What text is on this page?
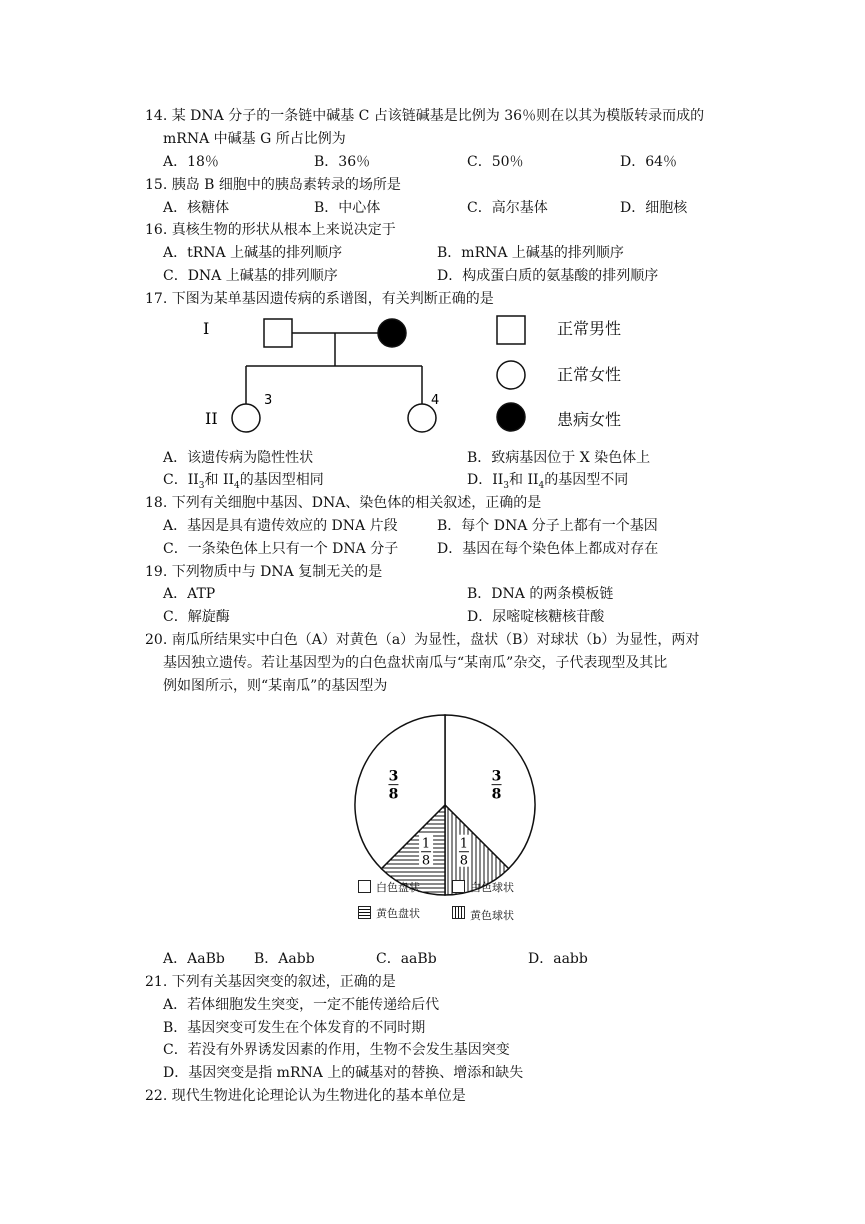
14. 某 DNA 分子的一条链中碱基 C 占该链碱基是比例为 36％则在以其为模版转录而成的
mRNA 中碱基 G 所占比例为
A．18％	B．36％	C．50％	D．64％
15. 胰岛 B 细胞中的胰岛素转录的场所是
A．核糖体	B．中心体	C．高尔基体	D．细胞核
16. 真核生物的形状从根本上来说决定于
A．tRNA 上碱基的排列顺序	B．mRNA 上碱基的排列顺序
C．DNA 上碱基的排列顺序	D．构成蛋白质的氨基酸的排列顺序
17. 下图为某单基因遗传病的系谱图，有关判断正确的是
I
II
3	4
正常男性
正常女性
患病女性
A．该遗传病为隐性性状	B．致病基因位于 X 染色体上
C．$II_3$和 $II_4$的基因型相同	D．$II_3$和 $II_4$的基因型不同
18. 下列有关细胞中基因、DNA、染色体的相关叙述，正确的是
A．基因是具有遗传效应的 DNA 片段	B．每个 DNA 分子上都有一个基因
C．一条染色体上只有一个 DNA 分子	D．基因在每个染色体上都成对存在
19. 下列物质中与 DNA 复制无关的是
A．ATP	B．DNA 的两条模板链
C．解旋酶	D．尿嘧啶核糖核苷酸
20. 南瓜所结果实中白色（A）对黄色（a）为显性，盘状（B）对球状（b）为显性，两对
基因独立遗传。若让基因型为的白色盘状南瓜与“某南瓜”杂交，子代表现型及其比
例如图所示，则“某南瓜”的基因型为
3
8
1
8
1
8
3
8
白色盘状	白色球状
黄色盘状	黄色球状
A．AaBb B．Aabb	C．aaBb	D．aabb
21. 下列有关基因突变的叙述，正确的是
A．若体细胞发生突变，一定不能传递给后代
B．基因突变可发生在个体发育的不同时期
C．若没有外界诱发因素的作用，生物不会发生基因突变
D．基因突变是指 mRNA 上的碱基对的替换、增添和缺失
22. 现代生物进化论理论认为生物进化的基本单位是
